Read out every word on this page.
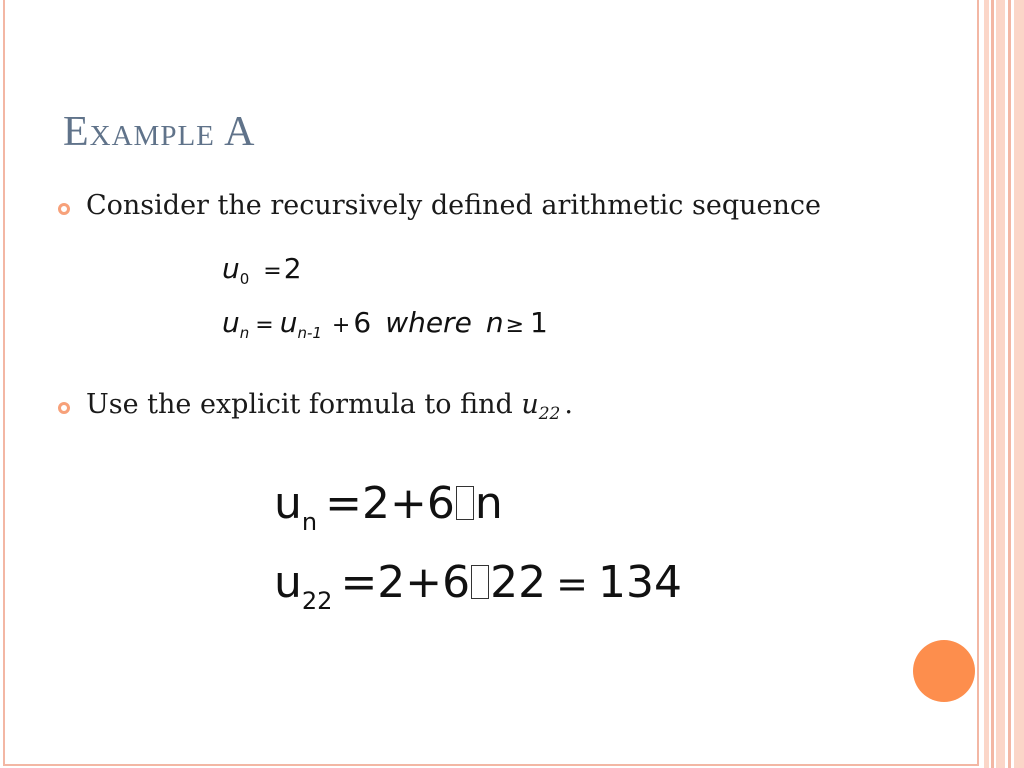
Example A
Consider the recursively defined arithmetic sequence
$u_0 =2$
$u_n = u_{n-1} + 6$ where n≥ 1
Use the explicit formula to find $u_{22}$ .
$u_n =2+6$ n
$u_{22} =2+6$ 22 = 134
